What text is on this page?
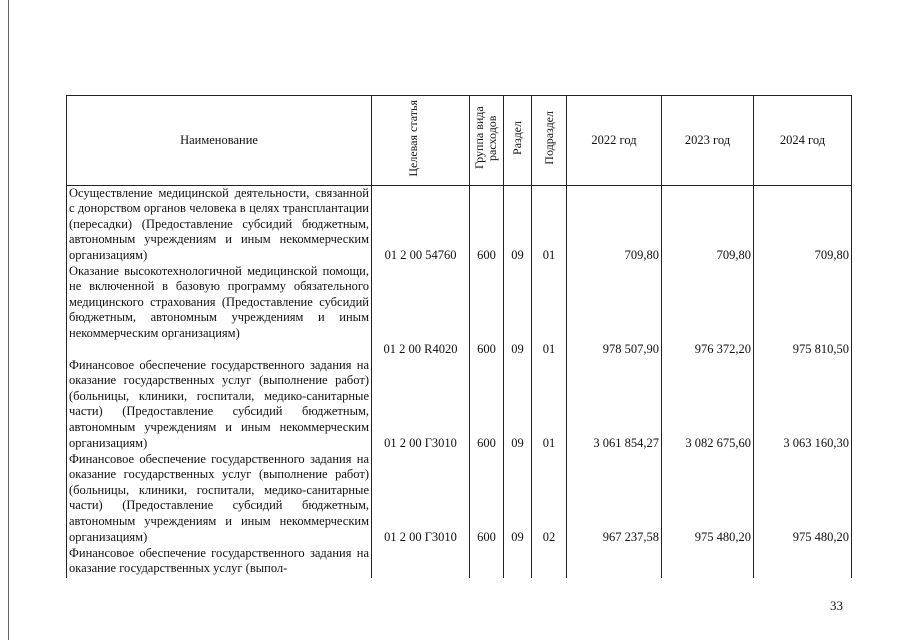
Наименование	Целевая статья	Группа вида расходов	Раздел	Подраздел	2022 год	2023 год	2024 год
Осуществление медицинской деятельности, связанной с донорством органов человека в целях трансплантации (пересадки) (Предоставление субсидий бюджетным, автономным учреждениям и иным некоммерческим организациям)	01 2 00 54760	600	09	01	709,80	709,80	709,80
Оказание высокотехнологичной медицинской помощи, не включенной в базовую программу обязательного медицинского страхования (Предоставление субсидий бюджетным, автономным учреждениям и иным некоммерческим организациям)	01 2 00 R4020	600	09	01	978 507,90	976 372,20	975 810,50
Финансовое обеспечение государственного задания на оказание государственных услуг (выполнение работ) (больницы, клиники, госпитали, медико-санитарные части) (Предоставление субсидий бюджетным, автономным учреждениям и иным некоммерческим организациям)	01 2 00 Г3010	600	09	01	3 061 854,27	3 082 675,60	3 063 160,30
Финансовое обеспечение государственного задания на оказание государственных услуг (выполнение работ) (больницы, клиники, госпитали, медико-санитарные части) (Предоставление субсидий бюджетным, автономным учреждениям и иным некоммерческим организациям)	01 2 00 Г3010	600	09	02	967 237,58	975 480,20	975 480,20
Финансовое обеспечение государственного задания на оказание государственных услуг (выпол-							
33
